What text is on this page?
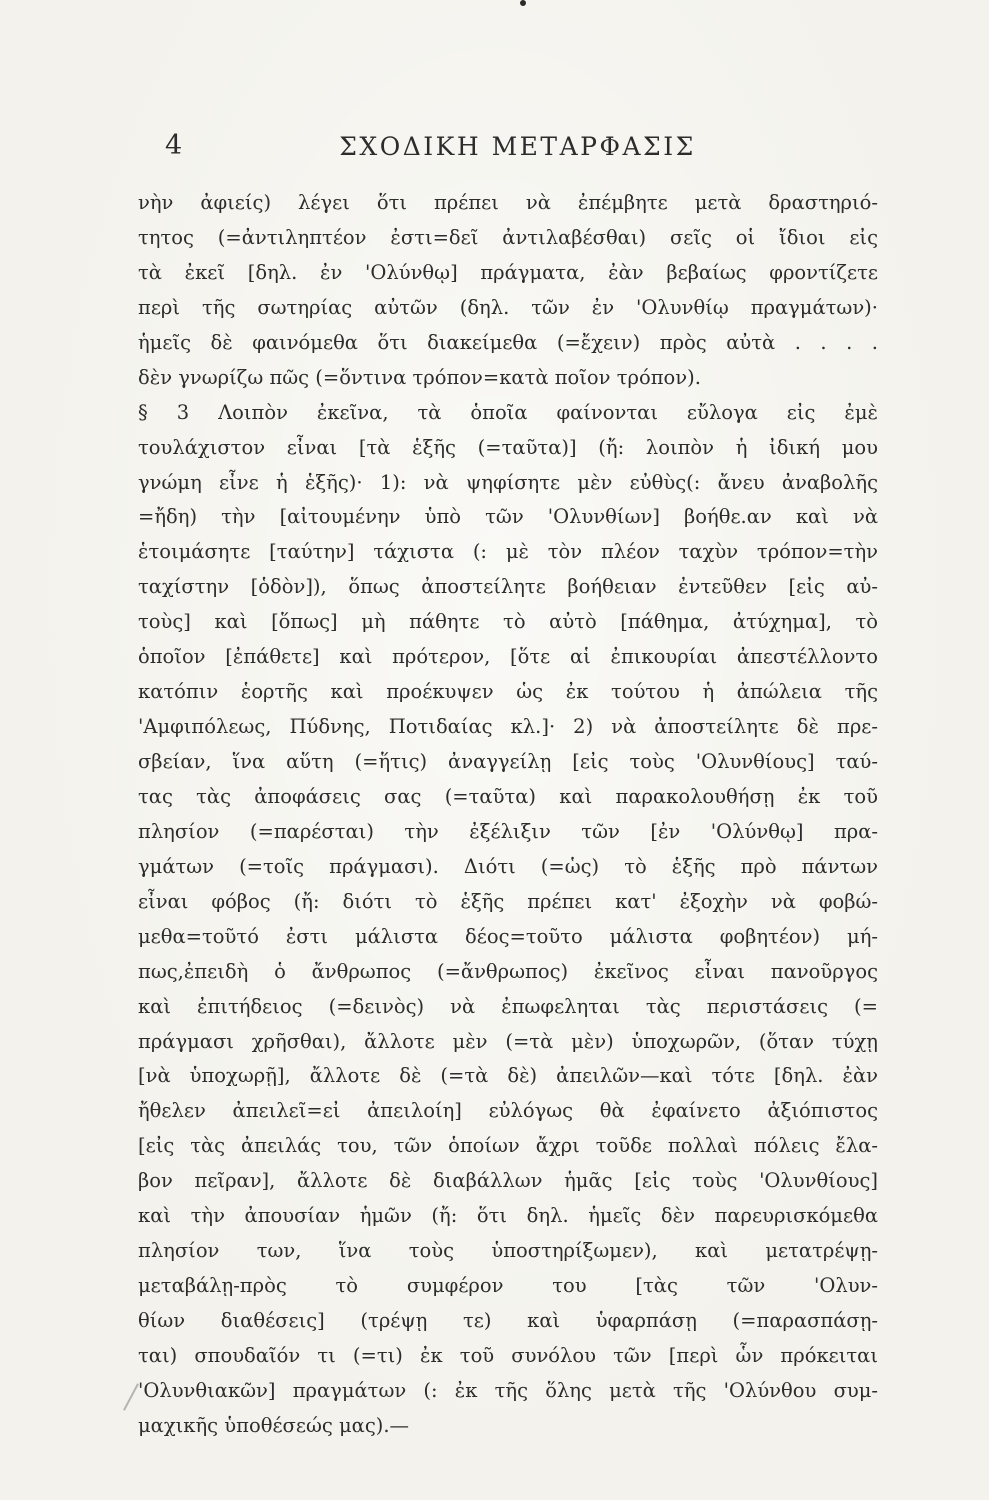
4	ΣΧΟΔΙΚΗ ΜΕΤΑΡΦΑΣΙΣ
νὴν ἀφιείς) λέγει ὅτι πρέπει νὰ ἐπέμβητε μετὰ δραστηριό-
τητος (=ἀντιληπτέον ἐστι=δεῖ ἀντιλαβέσθαι) σεῖς οἱ ἴδιοι εἰς
τὰ ἐκεῖ [δηλ. ἐν 'Ολύνθῳ] πράγματα, ἐὰν βεβαίως φροντίζετε
περὶ τῆς σωτηρίας αὐτῶν (δηλ. τῶν ἐν 'Ολυνθίῳ πραγμάτων)·
ἡμεῖς δὲ φαινόμεθα ὅτι διακείμεθα (=ἔχειν) πρὸς αὐτὰ . . . .
δὲν γνωρίζω πῶς (=ὅντινα τρόπον=κατὰ ποῖον τρόπον).
§ 3 Λοιπὸν ἐκεῖνα, τὰ ὁποῖα φαίνονται εὔλογα εἰς ἐμὲ
τουλάχιστον εἶναι [τὰ ἑξῆς (=ταῦτα)] (ἤ: λοιπὸν ἡ ἰδική μου
γνώμη εἶνε ἡ ἑξῆς)· 1): νὰ ψηφίσητε μὲν εὐθὺς(: ἄνευ ἀναβολῆς
=ἤδη) τὴν [αἰτουμένην ὑπὸ τῶν 'Ολυνθίων] βοήθε.αν καὶ νὰ
ἑτοιμάσητε [ταύτην] τάχιστα (: μὲ τὸν πλέον ταχὺν τρόπον=τὴν
ταχίστην [ὁδὸν]), ὅπως ἀποστείλητε βοήθειαν ἐντεῦθεν [εἰς αὐ-
τοὺς] καὶ [ὅπως] μὴ πάθητε τὸ αὐτὸ [πάθημα, ἀτύχημα], τὸ
ὁποῖον [ἐπάθετε] καὶ πρότερον, [ὅτε αἱ ἐπικουρίαι ἀπεστέλλοντο
κατόπιν ἑορτῆς καὶ προέκυψεν ὡς ἐκ τούτου ἡ ἀπώλεια τῆς
'Αμφιπόλεως, Πύδνης, Ποτιδαίας κλ.]· 2) νὰ ἀποστείλητε δὲ πρε-
σβείαν, ἵνα αὕτη (=ἥτις) ἀναγγείλῃ [εἰς τοὺς 'Ολυνθίους] ταύ-
τας τὰς ἀποφάσεις σας (=ταῦτα) καὶ παρακολουθήσῃ ἐκ τοῦ
πλησίον (=παρέσται) τὴν ἐξέλιξιν τῶν [ἐν 'Ολύνθῳ] πρα-
γμάτων (=τοῖς πράγμασι). Διότι (=ὡς) τὸ ἑξῆς πρὸ πάντων
εἶναι φόβος (ἤ: διότι τὸ ἑξῆς πρέπει κατ' ἐξοχὴν νὰ φοβώ-
μεθα=τοῦτό ἐστι μάλιστα δέος=τοῦτο μάλιστα φοβητέον) μή-
πως,ἐπειδὴ ὁ ἄνθρωπος (=ἄνθρωπος) ἐκεῖνος εἶναι πανοῦργος
καὶ ἐπιτήδειος (=δεινὸς) νὰ ἐπωφεληται τὰς περιστάσεις (=
πράγμασι χρῆσθαι), ἄλλοτε μὲν (=τὰ μὲν) ὑποχωρῶν, (ὅταν τύχῃ
[νὰ ὑποχωρῇ], ἄλλοτε δὲ (=τὰ δὲ) ἀπειλῶν—καὶ τότε [δηλ. ἐὰν
ἤθελεν ἀπειλεῖ=εἰ ἀπειλοίη] εὐλόγως θὰ ἐφαίνετο ἀξιόπιστος
[εἰς τὰς ἀπειλάς του, τῶν ὁποίων ἄχρι τοῦδε πολλαὶ πόλεις ἔλα-
βον πεῖραν], ἄλλοτε δὲ διαβάλλων ἡμᾶς [εἰς τοὺς 'Ολυνθίους]
καὶ τὴν ἀπουσίαν ἡμῶν (ἤ: ὅτι δηλ. ἡμεῖς δὲν παρευρισκόμεθα
πλησίον των, ἵνα τοὺς ὑποστηρίξωμεν), καὶ μετατρέψῃ-
μεταβάλῃ-πρὸς τὸ συμφέρον του [τὰς τῶν 'Ολυν-
θίων διαθέσεις] (τρέψῃ τε) καὶ ὑφαρπάσῃ (=παρασπάσῃ-
ται) σπουδαῖόν τι (=τι) ἐκ τοῦ συνόλου τῶν [περὶ ὧν πρόκειται
'Ολυνθιακῶν] πραγμάτων (: ἐκ τῆς ὅλης μετὰ τῆς 'Ολύνθου συμ-
μαχικῆς ὑποθέσεώς μας).—
